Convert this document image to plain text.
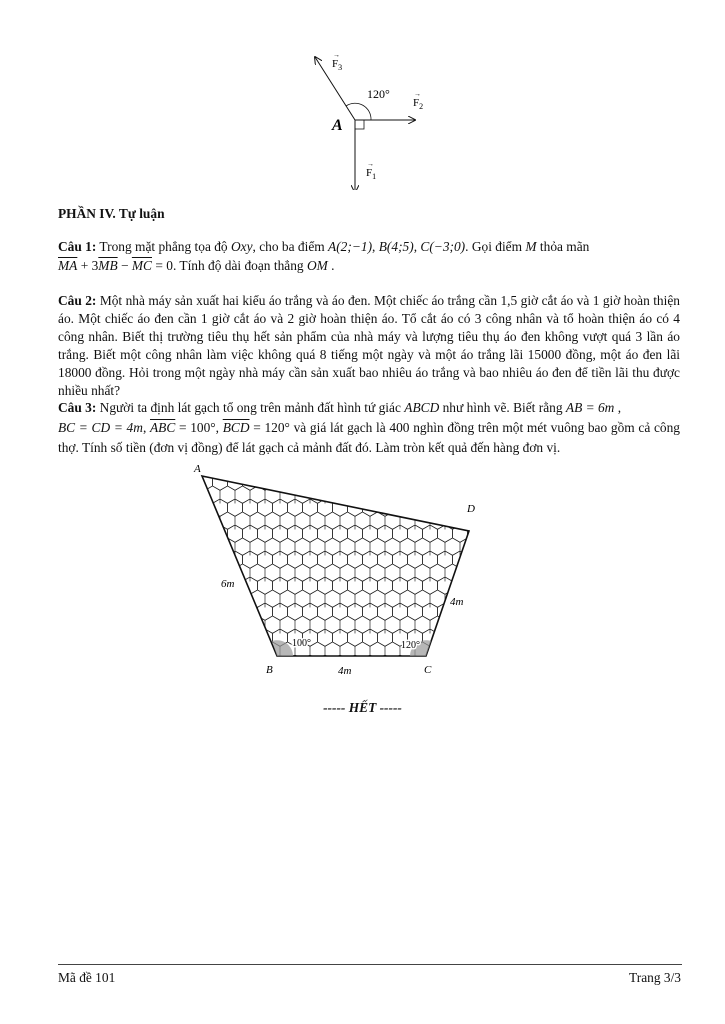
A
120°
$F_1$
$F_2$
$F_3$
→
→
→
PHẦN IV. Tự luận
Câu 1: Trong mặt phẳng tọa độ Oxy, cho ba điểm A(2;−1), B(4;5), C(−3;0). Gọi điểm M thỏa mãn
$\overline{MA} + 3\overline{MB} - \overline{MC} = 0$. Tính độ dài đoạn thẳng OM .
Câu 2: Một nhà máy sản xuất hai kiểu áo trắng và áo đen. Một chiếc áo trắng cần 1,5 giờ cắt áo và 1 giờ hoàn thiện áo. Một chiếc áo đen cần 1 giờ cắt áo và 2 giờ hoàn thiện áo. Tổ cắt áo có 3 công nhân và tổ hoàn thiện áo có 4 công nhân. Biết thị trường tiêu thụ hết sản phẩm của nhà máy và lượng tiêu thụ áo đen không vượt quá 3 lần áo trắng. Biết một công nhân làm việc không quá 8 tiếng một ngày và một áo trắng lãi 15000 đồng, một áo đen lãi 18000 đồng. Hỏi trong một ngày nhà máy cần sản xuất bao nhiêu áo trắng và bao nhiêu áo đen để tiền lãi thu được nhiều nhất?
Câu 3: Người ta định lát gạch tổ ong trên mảnh đất hình tứ giác ABCD như hình vẽ. Biết rằng AB = 6m ,
BC = CD = 4m, $\overline{ABC} = 100^\circ$, $\overline{BCD} = 120^\circ$ và giá lát gạch là 400 nghìn đồng trên một mét vuông bao gồm cả công thợ. Tính số tiền (đơn vị đồng) để lát gạch cả mảnh đất đó. Làm tròn kết quả đến hàng đơn vị.
A
B	C
D
6m
4m
4m
100°	120°
----- HẾT -----
Mã đề 101	Trang 3/3
